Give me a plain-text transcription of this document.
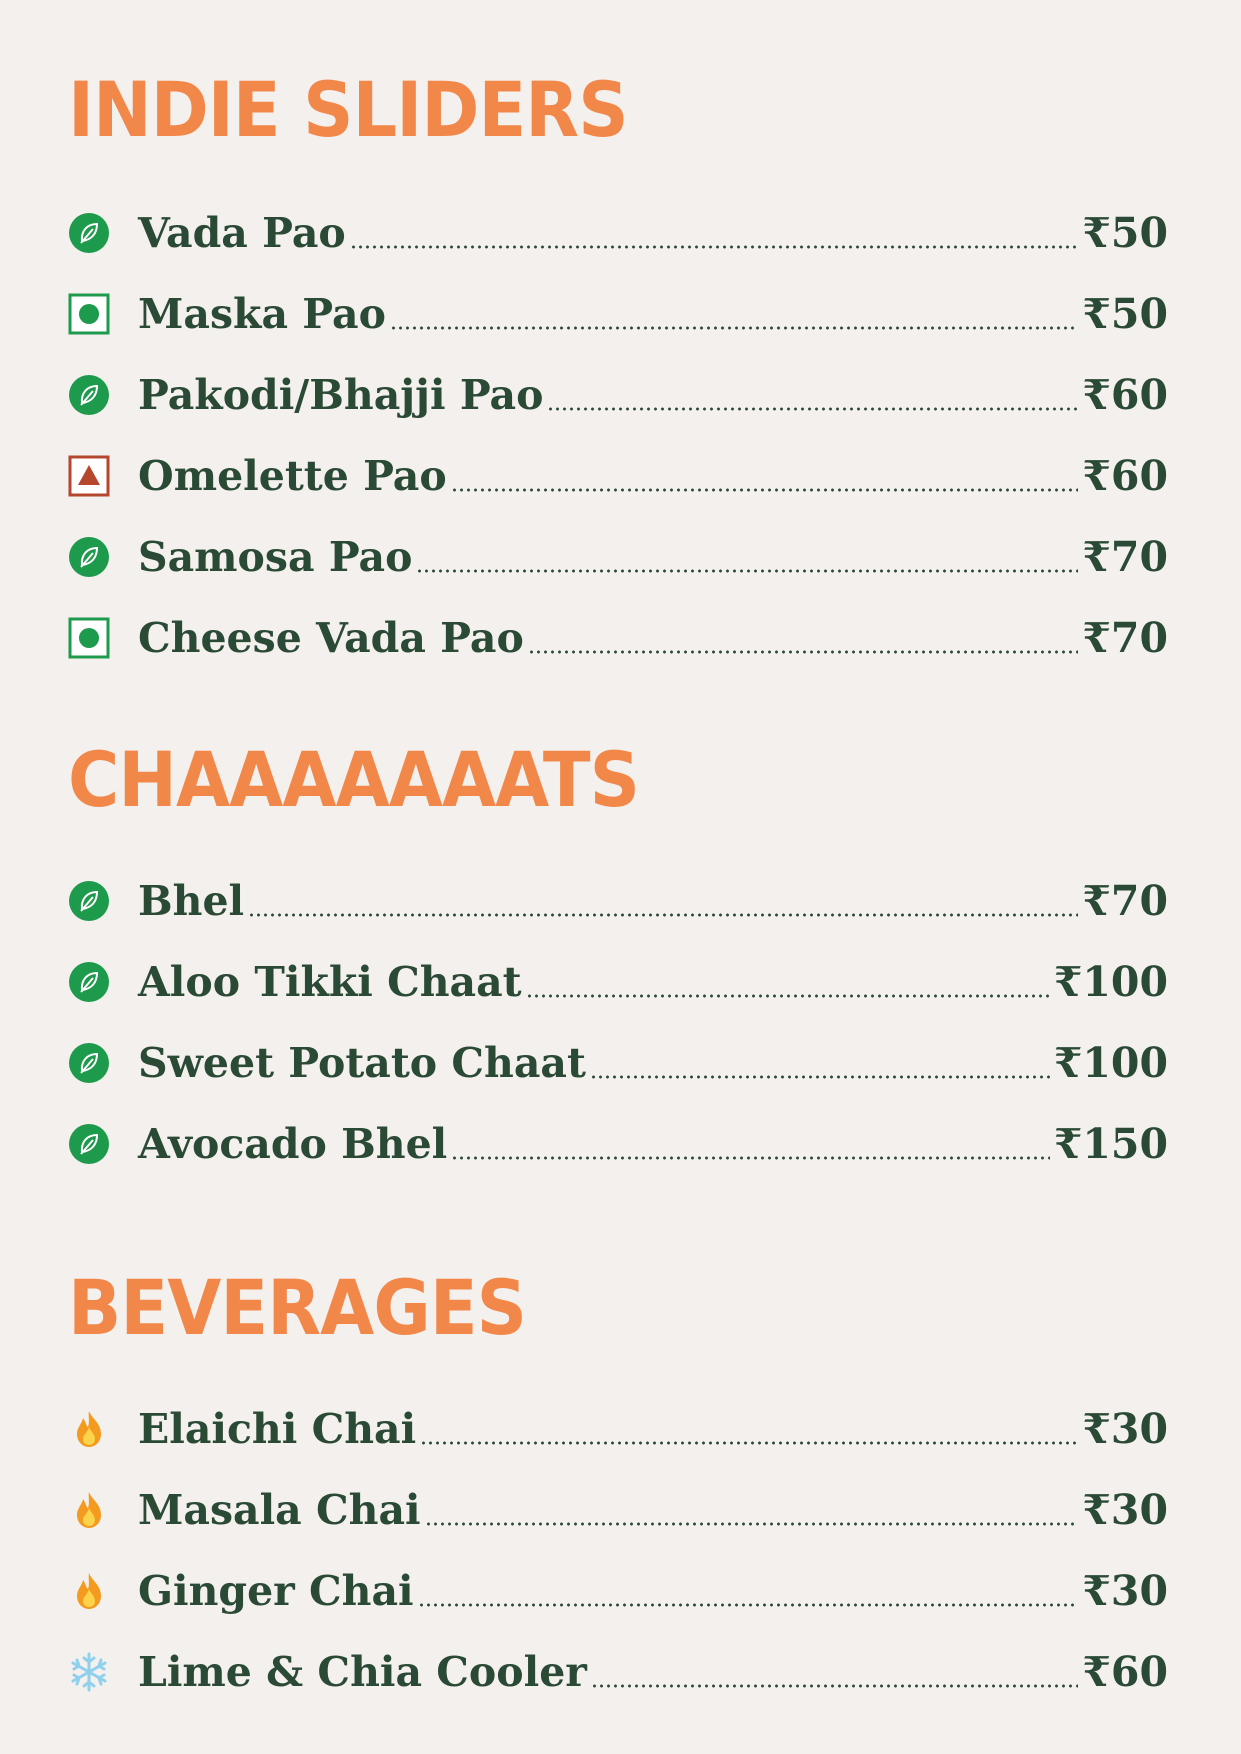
INDIE SLIDERS
Vada Pao	₹50
Maska Pao	₹50
Pakodi/Bhajji Pao	₹60
Omelette Pao	₹60
Samosa Pao	₹70
Cheese Vada Pao	₹70
CHAAAAAAATS
Bhel	₹70
Aloo Tikki Chaat	₹100
Sweet Potato Chaat	₹100
Avocado Bhel	₹150
BEVERAGES
Elaichi Chai	₹30
Masala Chai	₹30
Ginger Chai	₹30
Lime & Chia Cooler	₹60
